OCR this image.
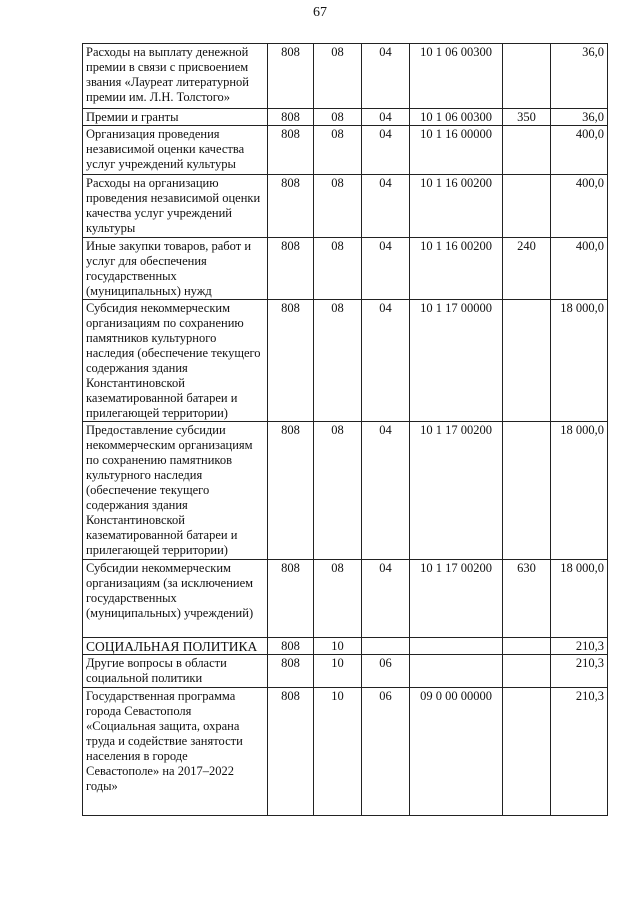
67
Расходы на выплату денежной премии в связи с присвоением звания «Лауреат литературной премии им. Л.Н. Толстого»	808	08	04	10 1 06 00300		36,0
Премии и гранты	808	08	04	10 1 06 00300	350	36,0
Организация проведения независимой оценки качества услуг учреждений культуры	808	08	04	10 1 16 00000		400,0
Расходы на организацию проведения независимой оценки качества услуг учреждений культуры	808	08	04	10 1 16 00200		400,0
Иные закупки товаров, работ и услуг для обеспечения государственных (муниципальных) нужд	808	08	04	10 1 16 00200	240	400,0
Субсидия некоммерческим организациям по сохранению памятников культурного наследия (обеспечение текущего содержания здания Константиновской казематированной батареи и прилегающей территории)	808	08	04	10 1 17 00000		18 000,0
Предоставление субсидии некоммерческим организациям по сохранению памятников культурного наследия (обеспечение текущего содержания здания Константиновской казематированной батареи и прилегающей территории)	808	08	04	10 1 17 00200		18 000,0
Субсидии некоммерческим организациям (за исключением государственных (муниципальных) учреждений)	808	08	04	10 1 17 00200	630	18 000,0
СОЦИАЛЬНАЯ ПОЛИТИКА	808	10				210,3
Другие вопросы в области социальной политики	808	10	06			210,3
Государственная программа города Севастополя «Социальная защита, охрана труда и содействие занятости населения в городе Севастополе» на 2017–2022 годы»	808	10	06	09 0 00 00000		210,3
